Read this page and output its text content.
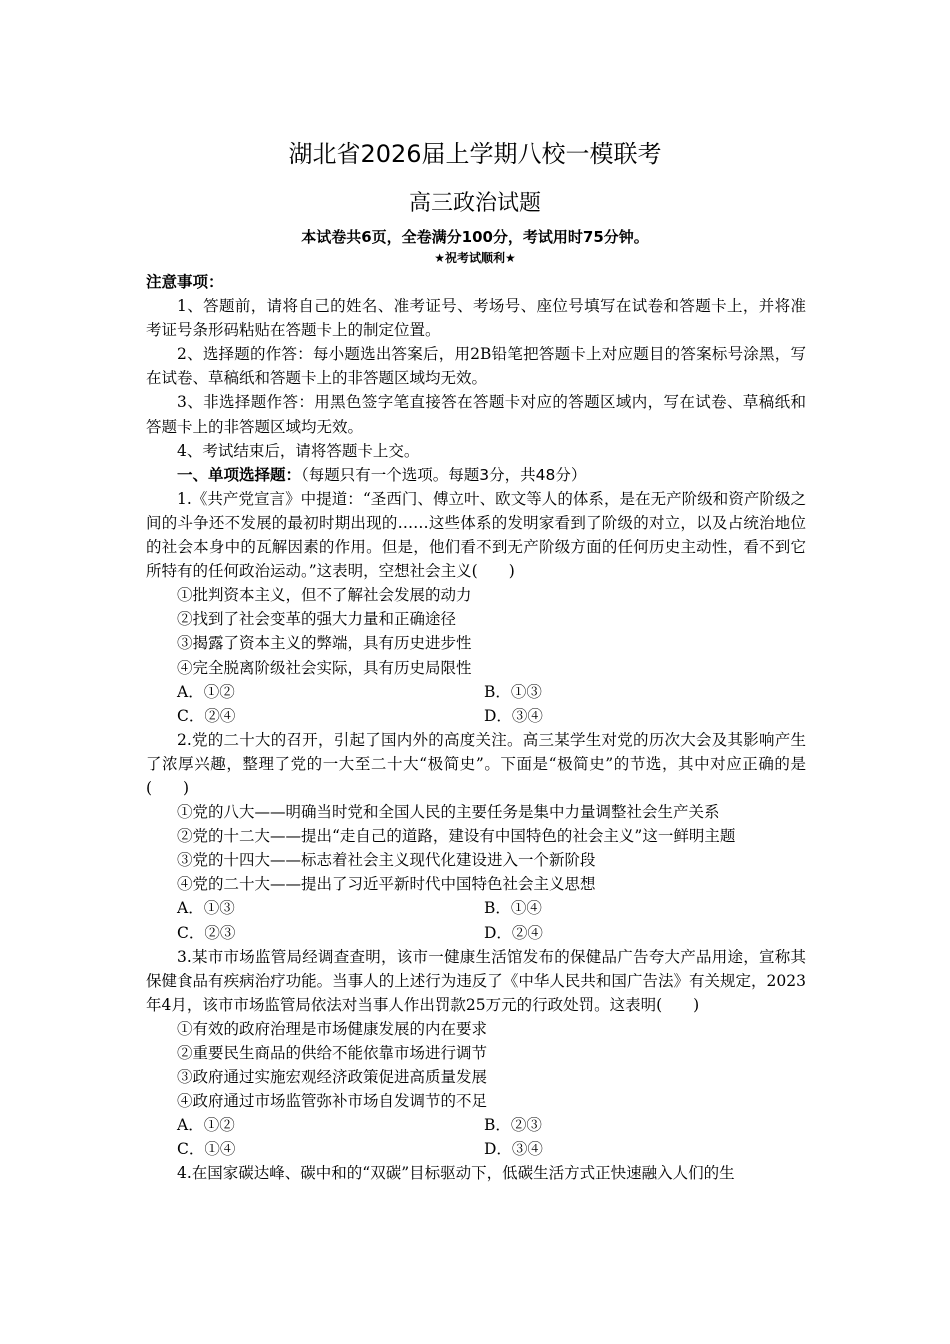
湖北省2026届上学期八校一模联考
高三政治试题
本试卷共6页，全卷满分100分，考试用时75分钟。
★祝考试顺利★

注意事项：

1、答题前，请将自己的姓名、准考证号、考场号、座位号填写在试卷和答题卡上，并将准考证号条形码粘贴在答题卡上的制定位置。

2、选择题的作答：每小题选出答案后，用2B铅笔把答题卡上对应题目的答案标号涂黑，写在试卷、草稿纸和答题卡上的非答题区域均无效。

3、非选择题作答：用黑色签字笔直接答在答题卡对应的答题区域内，写在试卷、草稿纸和答题卡上的非答题区域均无效。

4、考试结束后，请将答题卡上交。

一、单项选择题：（每题只有一个选项。每题3分，共48分）

1.《共产党宣言》中提道：“圣西门、傅立叶、欧文等人的体系，是在无产阶级和资产阶级之间的斗争还不发展的最初时期出现的……这些体系的发明家看到了阶级的对立，以及占统治地位的社会本身中的瓦解因素的作用。但是，他们看不到无产阶级方面的任何历史主动性，看不到它所特有的任何政治运动。”这表明，空想社会主义(　　)

①批判资本主义，但不了解社会发展的动力

②找到了社会变革的强大力量和正确途径

③揭露了资本主义的弊端，具有历史进步性

④完全脱离阶级社会实际，具有历史局限性

A．①②	B．①③
C．②④	D．③④

2.党的二十大的召开，引起了国内外的高度关注。高三某学生对党的历次大会及其影响产生了浓厚兴趣，整理了党的一大至二十大“极简史”。下面是“极简史”的节选，其中对应正确的是(　　)

①党的八大——明确当时党和全国人民的主要任务是集中力量调整社会生产关系

②党的十二大——提出“走自己的道路，建设有中国特色的社会主义”这一鲜明主题

③党的十四大——标志着社会主义现代化建设进入一个新阶段

④党的二十大——提出了习近平新时代中国特色社会主义思想

A．①③	B．①④
C．②③	D．②④

3.某市市场监管局经调查查明，该市一健康生活馆发布的保健品广告夸大产品用途，宣称其保健食品有疾病治疗功能。当事人的上述行为违反了《中华人民共和国广告法》有关规定，2023年4月，该市市场监管局依法对当事人作出罚款25万元的行政处罚。这表明(　　)

①有效的政府治理是市场健康发展的内在要求

②重要民生商品的供给不能依靠市场进行调节

③政府通过实施宏观经济政策促进高质量发展

④政府通过市场监管弥补市场自发调节的不足

A．①②	B．②③
C．①④	D．③④

4.在国家碳达峰、碳中和的“双碳”目标驱动下，低碳生活方式正快速融入人们的生
